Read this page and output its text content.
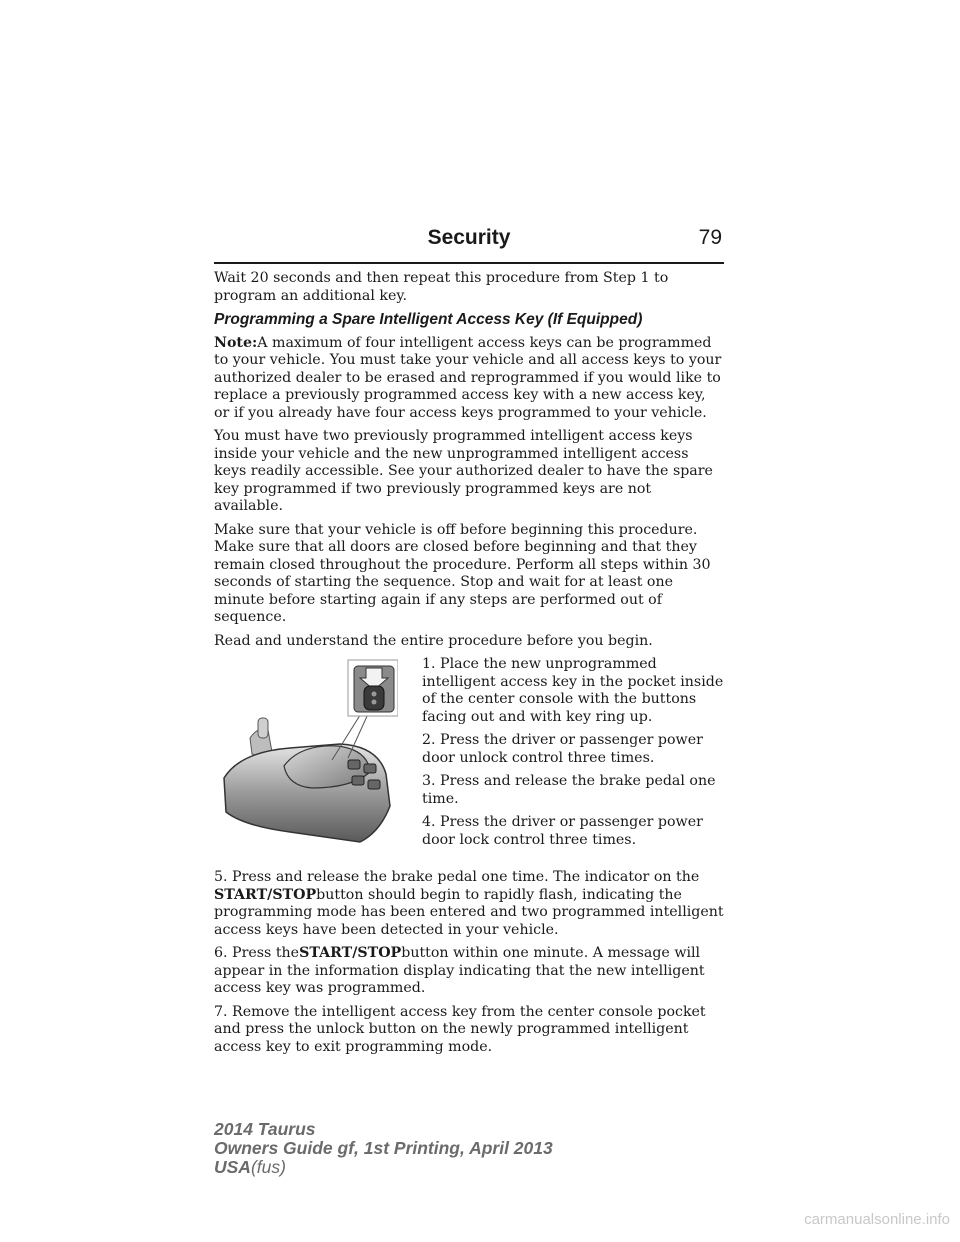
Security	79

Wait 20 seconds and then repeat this procedure from Step 1 to program an additional key.

Programming a Spare Intelligent Access Key (If Equipped)

Note:A maximum of four intelligent access keys can be programmed to your vehicle. You must take your vehicle and all access keys to your authorized dealer to be erased and reprogrammed if you would like to replace a previously programmed access key with a new access key, or if you already have four access keys programmed to your vehicle.

You must have two previously programmed intelligent access keys inside your vehicle and the new unprogrammed intelligent access keys readily accessible. See your authorized dealer to have the spare key programmed if two previously programmed keys are not available.

Make sure that your vehicle is off before beginning this procedure. Make sure that all doors are closed before beginning and that they remain closed throughout the procedure. Perform all steps within 30 seconds of starting the sequence. Stop and wait for at least one minute before starting again if any steps are performed out of sequence.

Read and understand the entire procedure before you begin.

1. Place the new unprogrammed intelligent access key in the pocket inside of the center console with the buttons facing out and with key ring up.

2. Press the driver or passenger power door unlock control three times.

3. Press and release the brake pedal one time.

4. Press the driver or passenger power door lock control three times.

5. Press and release the brake pedal one time. The indicator on the
START/STOPbutton should begin to rapidly flash, indicating the programming mode has been entered and two programmed intelligent access keys have been detected in your vehicle.

6. Press theSTART/STOPbutton within one minute. A message will appear in the information display indicating that the new intelligent access key was programmed.

7. Remove the intelligent access key from the center console pocket and press the unlock button on the newly programmed intelligent access key to exit programming mode.

2014 Taurus
Owners Guide gf, 1st Printing, April 2013
USA(fus)
carmanualsonline.info
